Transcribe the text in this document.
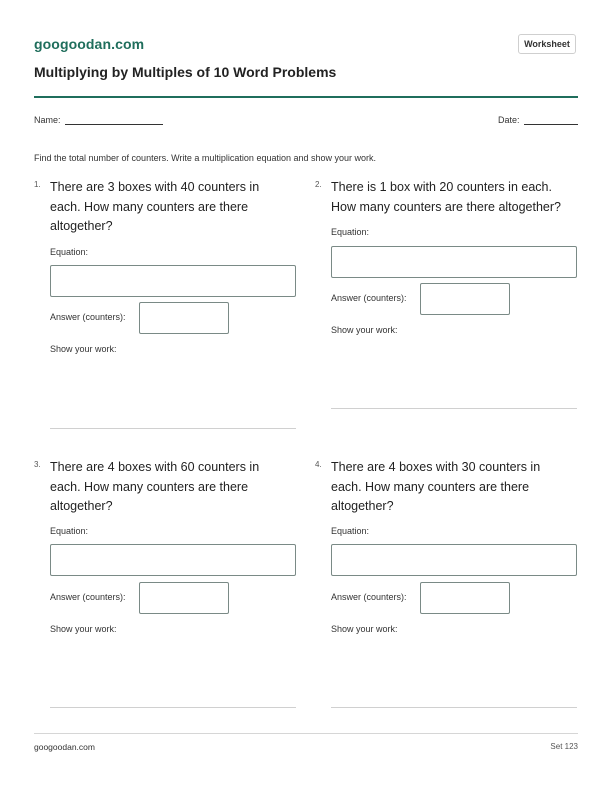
googoodan.com	Worksheet
Multiplying by Multiples of 10 Word Problems
Name:	Date:
Find the total number of counters. Write a multiplication equation and show your work.
1. There are 3 boxes with 40 counters in each. How many counters are there altogether?
Equation:
Answer (counters):
Show your work:
2. There is 1 box with 20 counters in each. How many counters are there altogether?
Equation:
Answer (counters):
Show your work:
3. There are 4 boxes with 60 counters in each. How many counters are there altogether?
Equation:
Answer (counters):
Show your work:
4. There are 4 boxes with 30 counters in each. How many counters are there altogether?
Equation:
Answer (counters):
Show your work:
googoodan.com	Set 123
